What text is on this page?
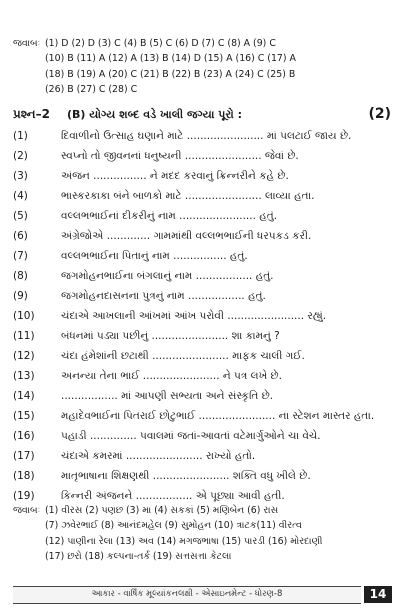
જવાબઃ (1) D (2) D (3) C (4) B (5) C (6) D (7) C (8) A (9) C
(10) B (11) A (12) A (13) B (14) D (15) A (16) C (17) A
(18) B (19) A (20) C (21) B (22) B (23) A (24) C (25) B
(26) B (27) C (28) C
પ્રશ્ન–2 (B) યોગ્ય શબ્દ વડે ખાલી જગ્યા પૂરો :	(2)
(1)	દિવાળીનો ઉત્સાહ ઘણાને માટે ....................... માં પલટાઈ જાય છે.
(2)	સ્વપ્નો તો જીવનનાં ધનુષ્યની ....................... જેવાં છે.
(3)	અંજન ................ ને મદદ કરવાનું ક્રિન્નરીને કહે છે.
(4)	ભાસ્કરકાકા બંને બાળકો માટે ....................... લાવ્યા હતા.
(5)	વલ્લભભાઈનાં દીકરીનું નામ ....................... હતું.
(6)	અંગ્રેજોએ ............. ગામમાંથી વલ્લભભાઈની ધરપકડ કરી.
(7)	વલ્લભભાઈના પિતાનું નામ ................ હતું.
(8)	જગમોહનભાઈના બંગલાનું નામ ................. હતું.
(9)	જગમોહનદાસનના પુત્રનું નામ ................. હતું.
(10)	ચંદાએ આખલાની આંખમાં આંખ પરોવી ....................... રહ્યું.
(11)	બંધનમાં પડ્યા પછીનું ....................... શા કામનું ?
(12)	ચંદા હંમેશાંની છટાથી ....................... માફક ચાલી ગઈ.
(13)	અનન્યા તેના ભાઈ ....................... ને પત્ર લખે છે.
(14)	................. માં આપણી સભ્યતા અને સંસ્કૃતિ છે.
(15)	મહાદેવભાઈના પિતરાઈ છોટુભાઈ ....................... ના સ્ટેશન માસ્તર હતા.
(16)	પહાડી .............. પવાલમાં જતાં-આવતાં વટેમાર્ગુઓને ચા વેચે.
(17)	ચંદાએ કમરમાં ....................... રાખ્યો હતો.
(18)	માતૃભાષાના શિક્ષણથી ....................... શક્તિ વધુ ખીલે છે.
(19)	કિન્નરી અંજનને ................. એ પૂછ્યા આવી હતી.
જવાબઃ (1) વીરસ (2) પણછ (3) મા (4) સકકાં (5) મણિબેન (6) રાસ
(7) ઝવેરભાઈ (8) આનંદમહેલ (9) સુમોહન (10) ત્રાટક(11) વીરત્વ
(12) પાણીના રેલા (13) અવ (14) મગજભાષા (15) પારડી (16) મોરદાણી
(17) છરો (18) કલ્પના-તર્ક (19) સત્તસત્તા કેટલા
આકાર - વાર્ષિક મૂલ્યાંકનલક્ષી - એસાઇનમેન્ટ - ધોરણ-8	14
